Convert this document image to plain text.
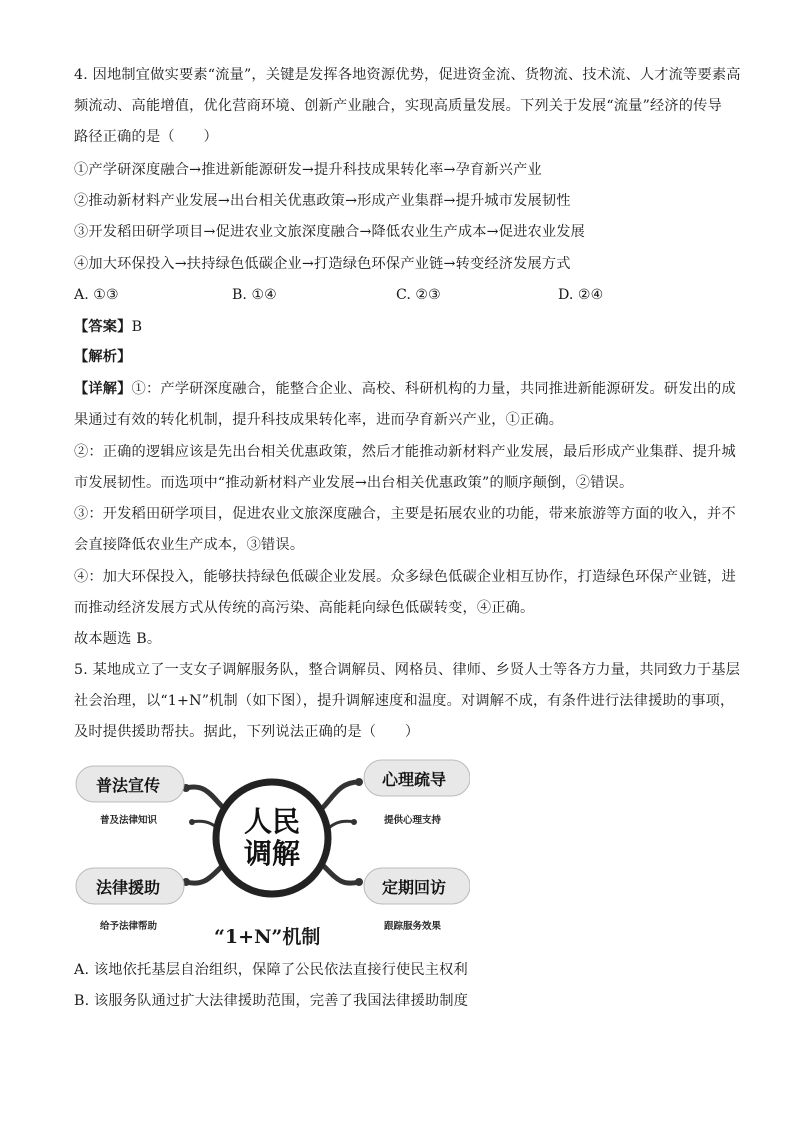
4. 因地制宜做实要素“流量”，关键是发挥各地资源优势，促进资金流、货物流、技术流、人才流等要素高

频流动、高能增值，优化营商环境、创新产业融合，实现高质量发展。下列关于发展“流量”经济的传导

路径正确的是（　　）

①产学研深度融合→推进新能源研发→提升科技成果转化率→孕育新兴产业

②推动新材料产业发展→出台相关优惠政策→形成产业集群→提升城市发展韧性

③开发稻田研学项目→促进农业文旅深度融合→降低农业生产成本→促进农业发展

④加大环保投入→扶持绿色低碳企业→打造绿色环保产业链→转变经济发展方式

A. ①③	B. ①④	C. ②③	D. ②④

【答案】B

【解析】

【详解】①：产学研深度融合，能整合企业、高校、科研机构的力量，共同推进新能源研发。研发出的成

果通过有效的转化机制，提升科技成果转化率，进而孕育新兴产业，①正确。

②：正确的逻辑应该是先出台相关优惠政策，然后才能推动新材料产业发展，最后形成产业集群、提升城

市发展韧性。而选项中“推动新材料产业发展→出台相关优惠政策”的顺序颠倒，②错误。

③：开发稻田研学项目，促进农业文旅深度融合，主要是拓展农业的功能，带来旅游等方面的收入，并不

会直接降低农业生产成本，③错误。

④：加大环保投入，能够扶持绿色低碳企业发展。众多绿色低碳企业相互协作，打造绿色环保产业链，进

而推动经济发展方式从传统的高污染、高能耗向绿色低碳转变，④正确。

故本题选 B。

5. 某地成立了一支女子调解服务队，整合调解员、网格员、律师、乡贤人士等各方力量，共同致力于基层

社会治理，以“1+N”机制（如下图），提升调解速度和温度。对调解不成，有条件进行法律援助的事项，

及时提供援助帮扶。据此，下列说法正确的是（　　）

人民
调解
普法宣传
普及法律知识
心理疏导
提供心理支持
法律援助
给予法律帮助
定期回访
跟踪服务效果
“1+N”机制

A. 该地依托基层自治组织，保障了公民依法直接行使民主权利

B. 该服务队通过扩大法律援助范围，完善了我国法律援助制度
